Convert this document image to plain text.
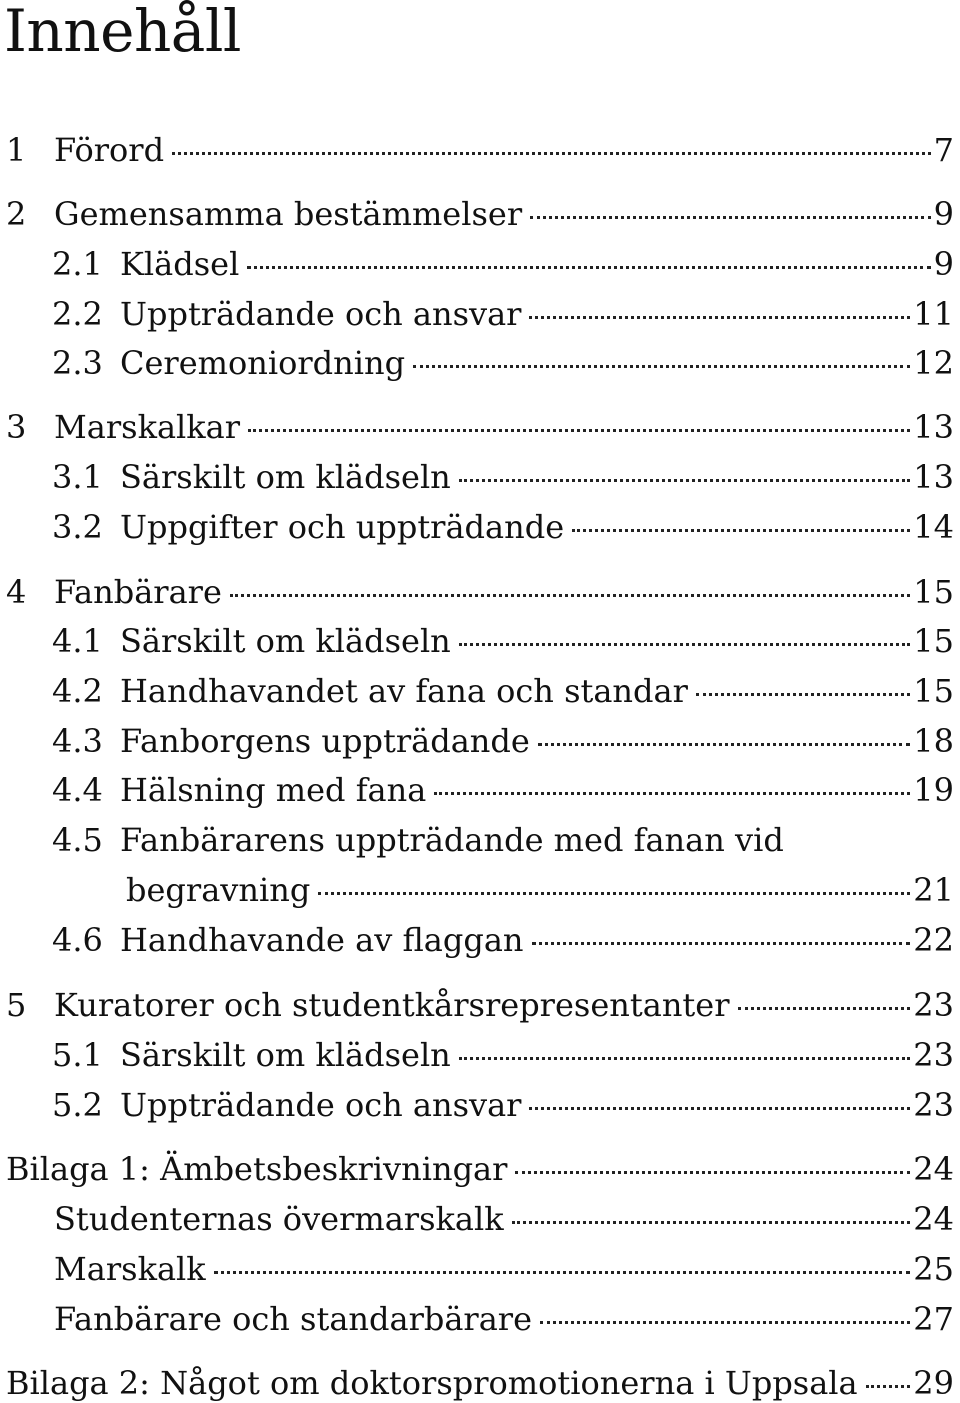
Innehåll
1 Förord	7
2 Gemensamma bestämmelser	9
2.1 Klädsel	9
2.2 Uppträdande och ansvar	11
2.3 Ceremoniordning	12
3 Marskalkar	13
3.1 Särskilt om klädseln	13
3.2 Uppgifter och uppträdande	14
4 Fanbärare	15
4.1 Särskilt om klädseln	15
4.2 Handhavandet av fana och standar	15
4.3 Fanborgens uppträdande	18
4.4 Hälsning med fana	19
4.5 Fanbärarens uppträdande med fanan vid
begravning	21
4.6 Handhavande av flaggan	22
5 Kuratorer och studentkårsrepresentanter	23
5.1 Särskilt om klädseln	23
5.2 Uppträdande och ansvar	23
Bilaga 1: Ämbetsbeskrivningar	24
Studenternas övermarskalk	24
Marskalk	25
Fanbärare och standarbärare	27
Bilaga 2: Något om doktorspromotionerna i Uppsala 29
